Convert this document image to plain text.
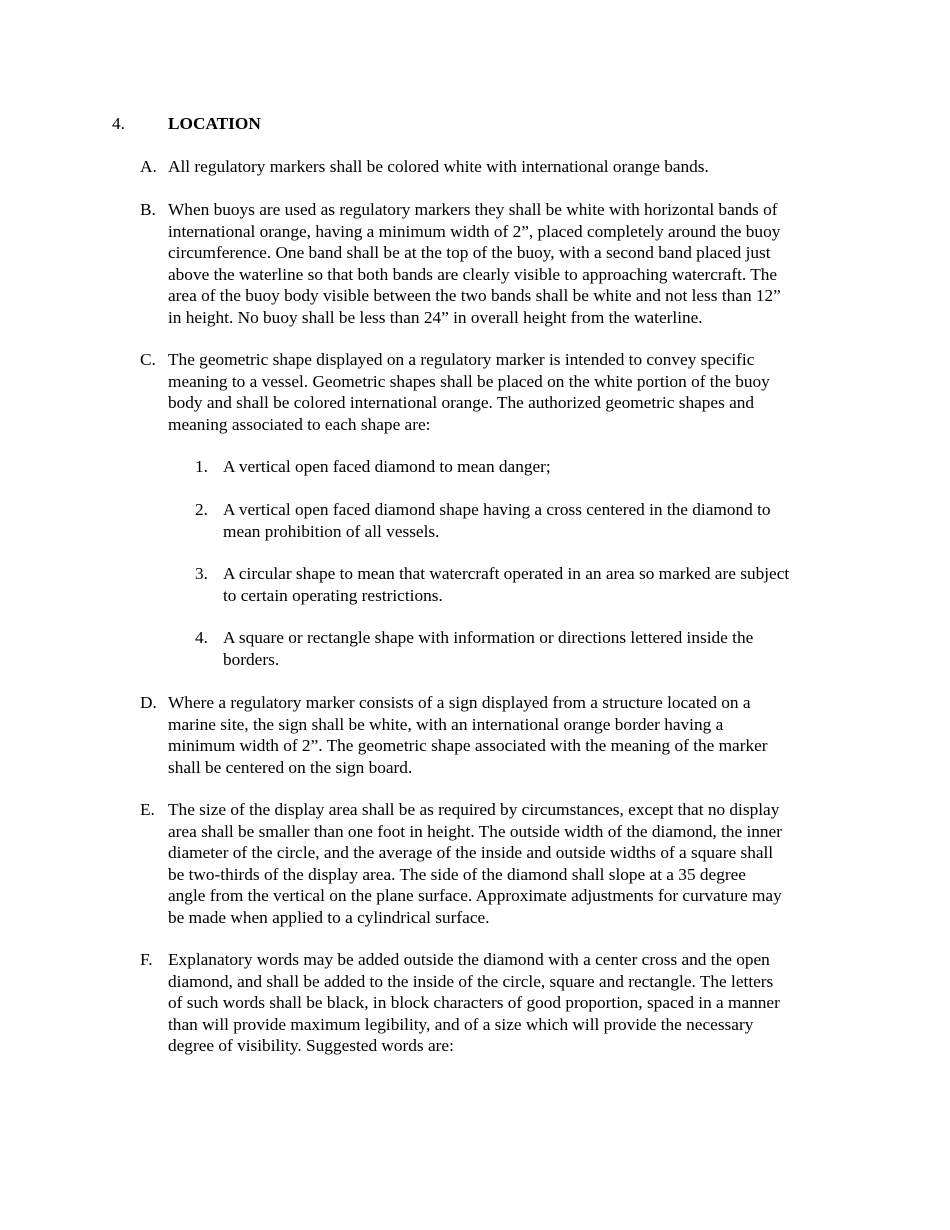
4. LOCATION
A. All regulatory markers shall be colored white with international orange bands.
B. When buoys are used as regulatory markers they shall be white with horizontal bands of
international orange, having a minimum width of 2”, placed completely around the buoy
circumference. One band shall be at the top of the buoy, with a second band placed just
above the waterline so that both bands are clearly visible to approaching watercraft. The
area of the buoy body visible between the two bands shall be white and not less than 12”
in height. No buoy shall be less than 24” in overall height from the waterline.
C. The geometric shape displayed on a regulatory marker is intended to convey specific
meaning to a vessel. Geometric shapes shall be placed on the white portion of the buoy
body and shall be colored international orange. The authorized geometric shapes and
meaning associated to each shape are:
1. A vertical open faced diamond to mean danger;
2. A vertical open faced diamond shape having a cross centered in the diamond to
mean prohibition of all vessels.
3. A circular shape to mean that watercraft operated in an area so marked are subject
to certain operating restrictions.
4. A square or rectangle shape with information or directions lettered inside the
borders.
D. Where a regulatory marker consists of a sign displayed from a structure located on a
marine site, the sign shall be white, with an international orange border having a
minimum width of 2”. The geometric shape associated with the meaning of the marker
shall be centered on the sign board.
E. The size of the display area shall be as required by circumstances, except that no display
area shall be smaller than one foot in height. The outside width of the diamond, the inner
diameter of the circle, and the average of the inside and outside widths of a square shall
be two-thirds of the display area. The side of the diamond shall slope at a 35 degree
angle from the vertical on the plane surface. Approximate adjustments for curvature may
be made when applied to a cylindrical surface.
F. Explanatory words may be added outside the diamond with a center cross and the open
diamond, and shall be added to the inside of the circle, square and rectangle. The letters
of such words shall be black, in block characters of good proportion, spaced in a manner
than will provide maximum legibility, and of a size which will provide the necessary
degree of visibility. Suggested words are:
